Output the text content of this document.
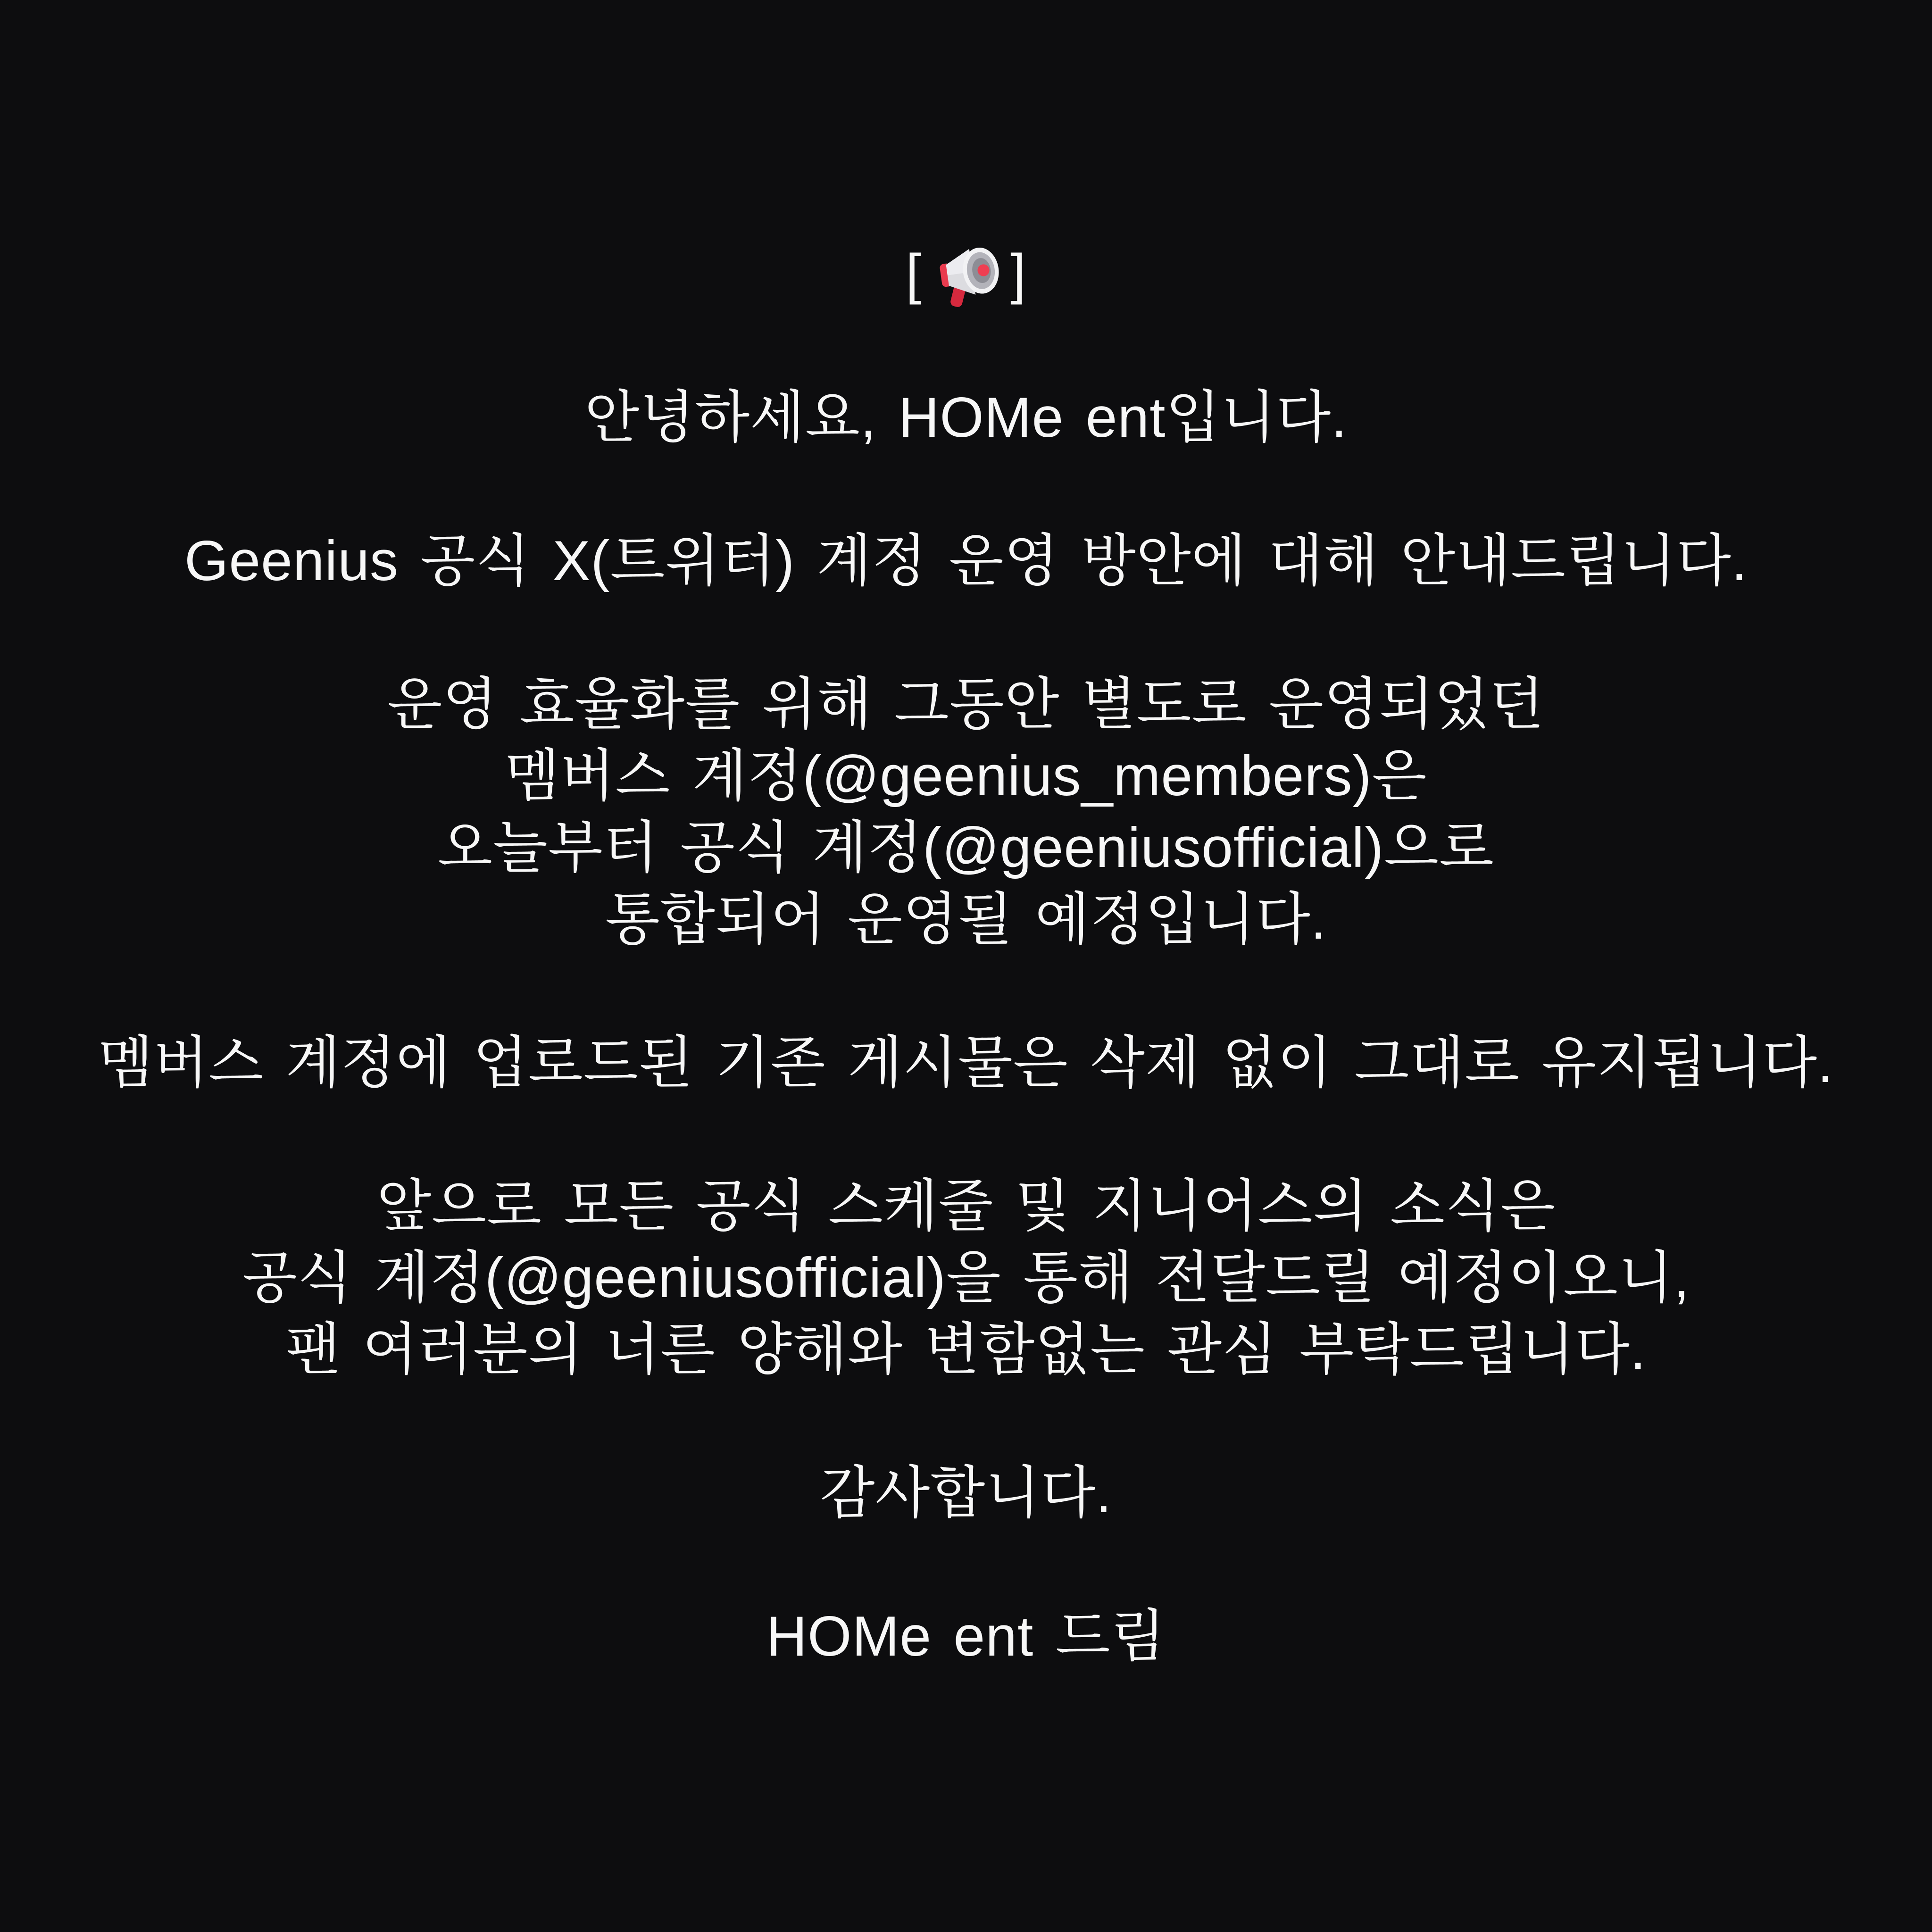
[ ]
안녕하세요, HOMe ent입니다.
Geenius 공식 X(트위터) 계정 운영 방안에 대해 안내드립니다.
운영 효율화를 위해 그동안 별도로 운영되었던
멤버스 계정(@geenius_members)은
오늘부터 공식 계정(@geeniusofficial)으로
통합되어 운영될 예정입니다.
멤버스 계정에 업로드된 기존 게시물은 삭제 없이 그대로 유지됩니다.
앞으로 모든 공식 스케줄 및 지니어스의 소식은
공식 계정(@geeniusofficial)을 통해 전달드릴 예정이오니,
팬 여러분의 너른 양해와 변함없는 관심 부탁드립니다.
감사합니다.
HOMe ent 드림
